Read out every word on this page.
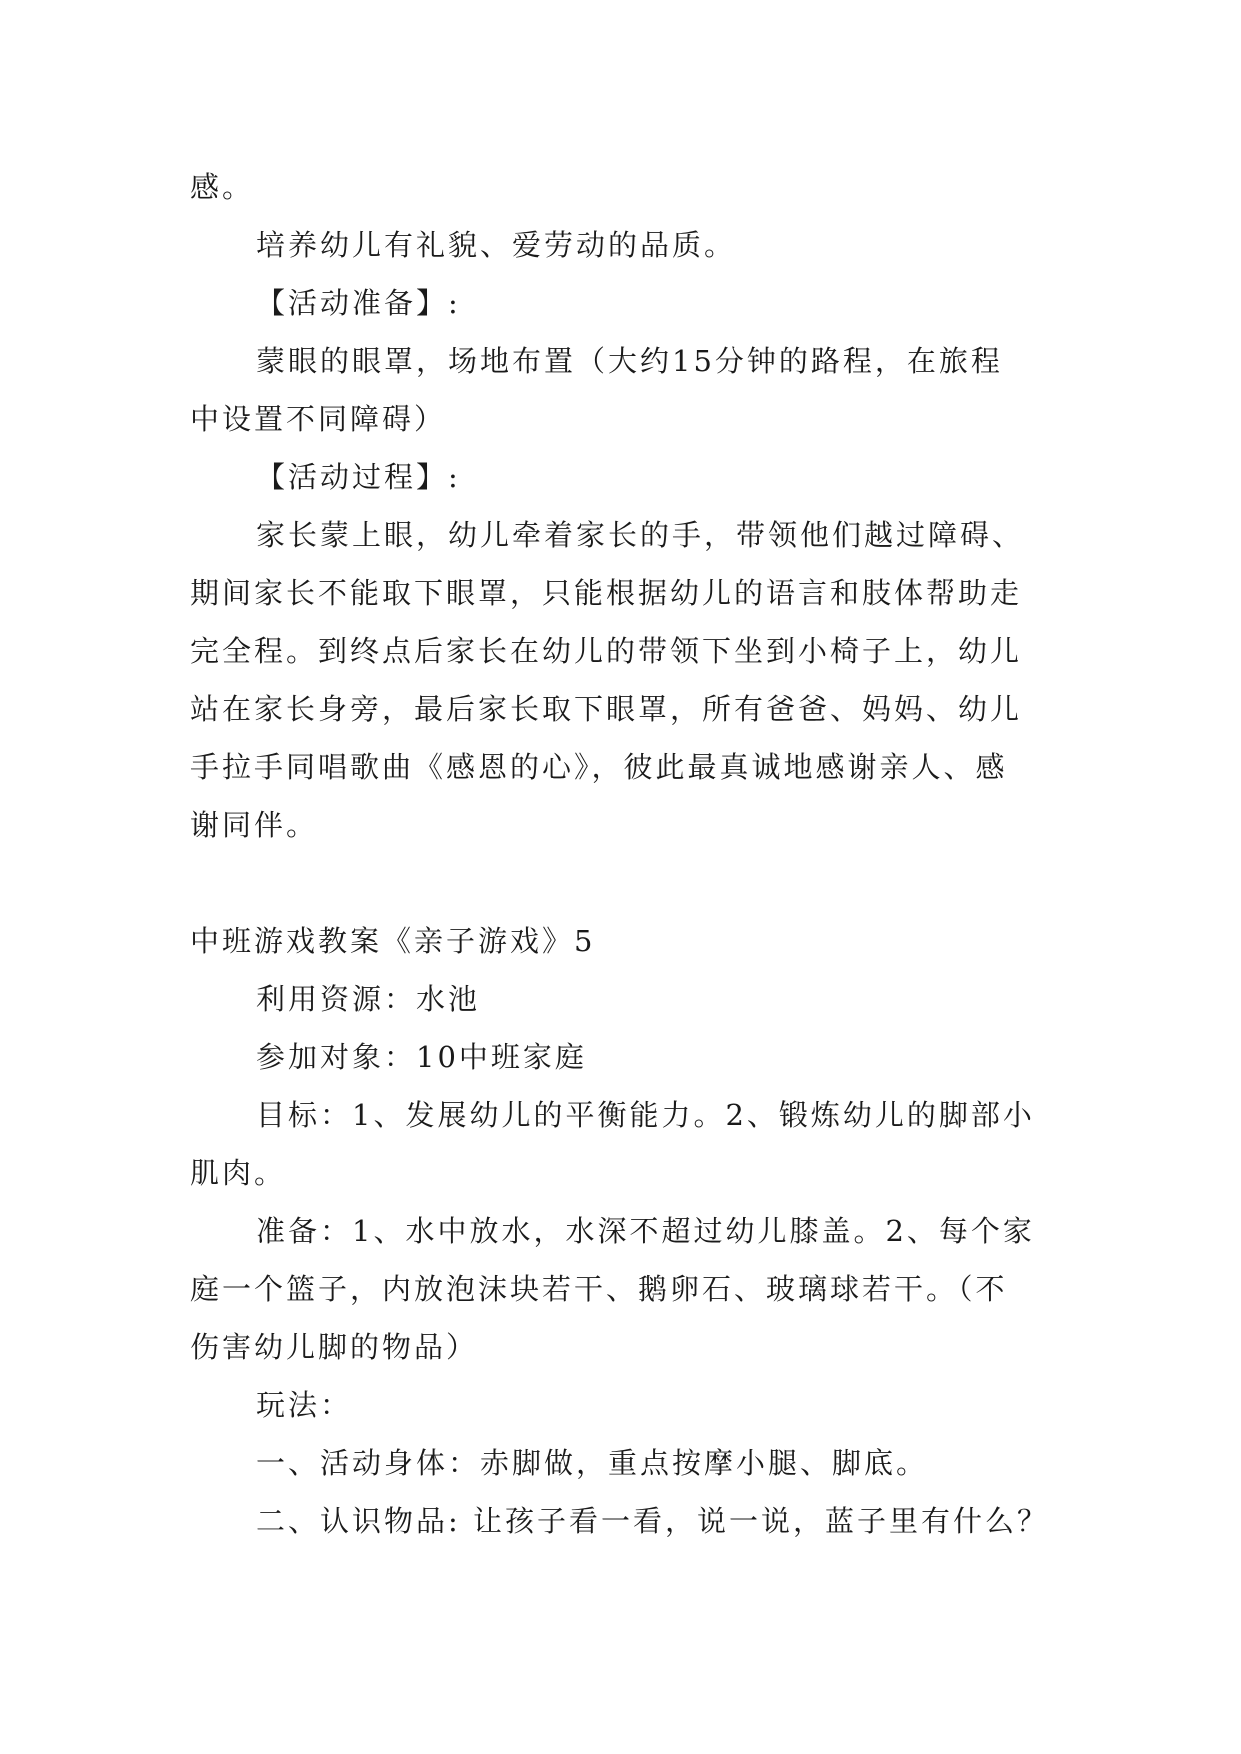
感。
培养幼儿有礼貌、爱劳动的品质。
【活动准备】:
蒙眼的眼罩，场地布置（大约15分钟的路程，在旅程
中设置不同障碍）
【活动过程】:
家长蒙上眼，幼儿牵着家长的手，带领他们越过障碍、
期间家长不能取下眼罩，只能根据幼儿的语言和肢体帮助走
完全程。到终点后家长在幼儿的带领下坐到小椅子上，幼儿
站在家长身旁，最后家长取下眼罩，所有爸爸、妈妈、幼儿
手拉手同唱歌曲《感恩的心》，彼此最真诚地感谢亲人、感
谢同伴。
中班游戏教案《亲子游戏》5
利用资源：水池
参加对象：10中班家庭
目标：1、发展幼儿的平衡能力。2、锻炼幼儿的脚部小
肌肉。
准备：1、水中放水，水深不超过幼儿膝盖。2、每个家
庭一个篮子，内放泡沫块若干、鹅卵石、玻璃球若干。（不
伤害幼儿脚的物品）
玩法：
一、活动身体：赤脚做，重点按摩小腿、脚底。
二、认识物品: 让孩子看一看，说一说，蓝子里有什么？
